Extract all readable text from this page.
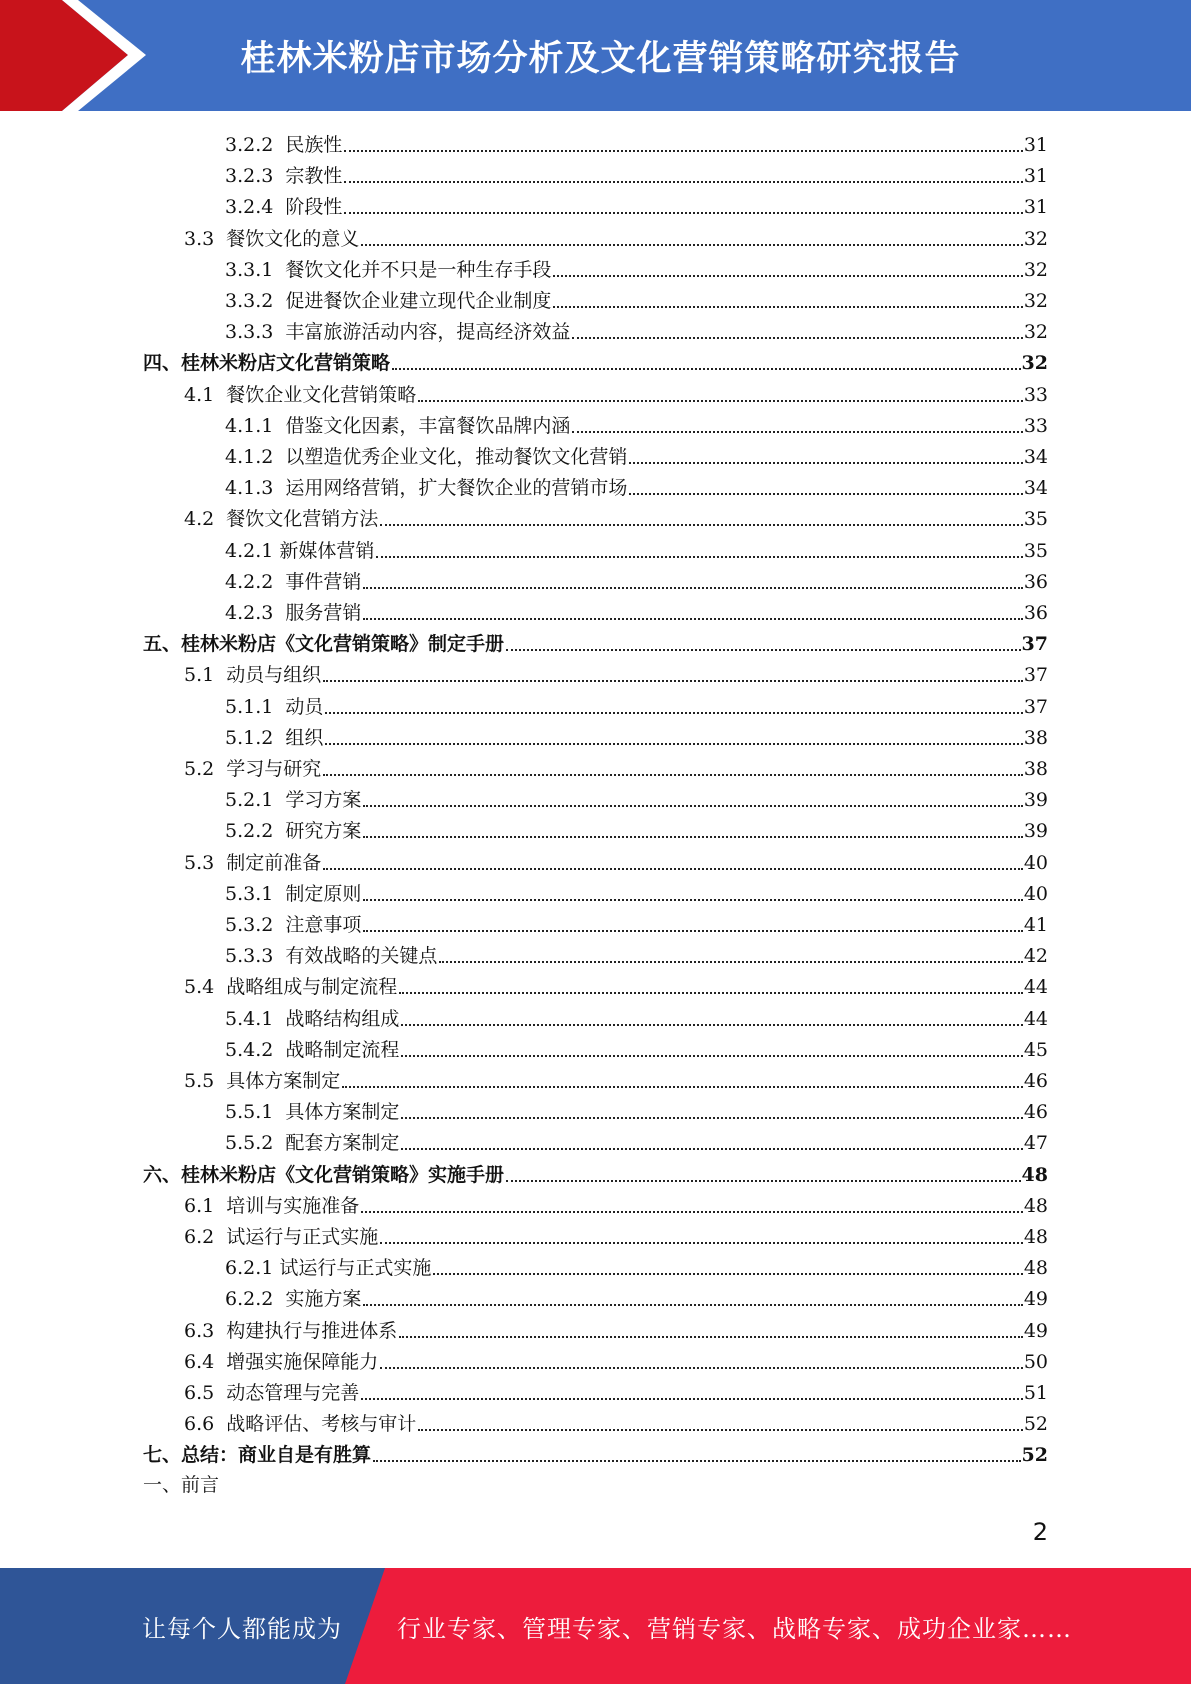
桂林米粉店市场分析及文化营销策略研究报告
3.2.2  民族性	31
3.2.3  宗教性	31
3.2.4  阶段性	31
3.3  餐饮文化的意义	32
3.3.1  餐饮文化并不只是一种生存手段	32
3.3.2  促进餐饮企业建立现代企业制度	32
3.3.3  丰富旅游活动内容，提高经济效益	32
四、桂林米粉店文化营销策略	32
4.1  餐饮企业文化营销策略	33
4.1.1  借鉴文化因素，丰富餐饮品牌内涵	33
4.1.2  以塑造优秀企业文化，推动餐饮文化营销	34
4.1.3  运用网络营销，扩大餐饮企业的营销市场	34
4.2  餐饮文化营销方法	35
4.2.1 新媒体营销	35
4.2.2  事件营销	36
4.2.3  服务营销	36
五、桂林米粉店《文化营销策略》制定手册	37
5.1  动员与组织	37
5.1.1  动员	37
5.1.2  组织	38
5.2  学习与研究	38
5.2.1  学习方案	39
5.2.2  研究方案	39
5.3  制定前准备	40
5.3.1  制定原则	40
5.3.2  注意事项	41
5.3.3  有效战略的关键点	42
5.4  战略组成与制定流程	44
5.4.1  战略结构组成	44
5.4.2  战略制定流程	45
5.5  具体方案制定	46
5.5.1  具体方案制定	46
5.5.2  配套方案制定	47
六、桂林米粉店《文化营销策略》实施手册	48
6.1  培训与实施准备	48
6.2  试运行与正式实施	48
6.2.1 试运行与正式实施	48
6.2.2  实施方案	49
6.3  构建执行与推进体系	49
6.4  增强实施保障能力	50
6.5  动态管理与完善	51
6.6  战略评估、考核与审计	52
七、总结：商业自是有胜算	52
一、前言
2
让每个人都能成为 行业专家、管理专家、营销专家、战略专家、成功企业家……
